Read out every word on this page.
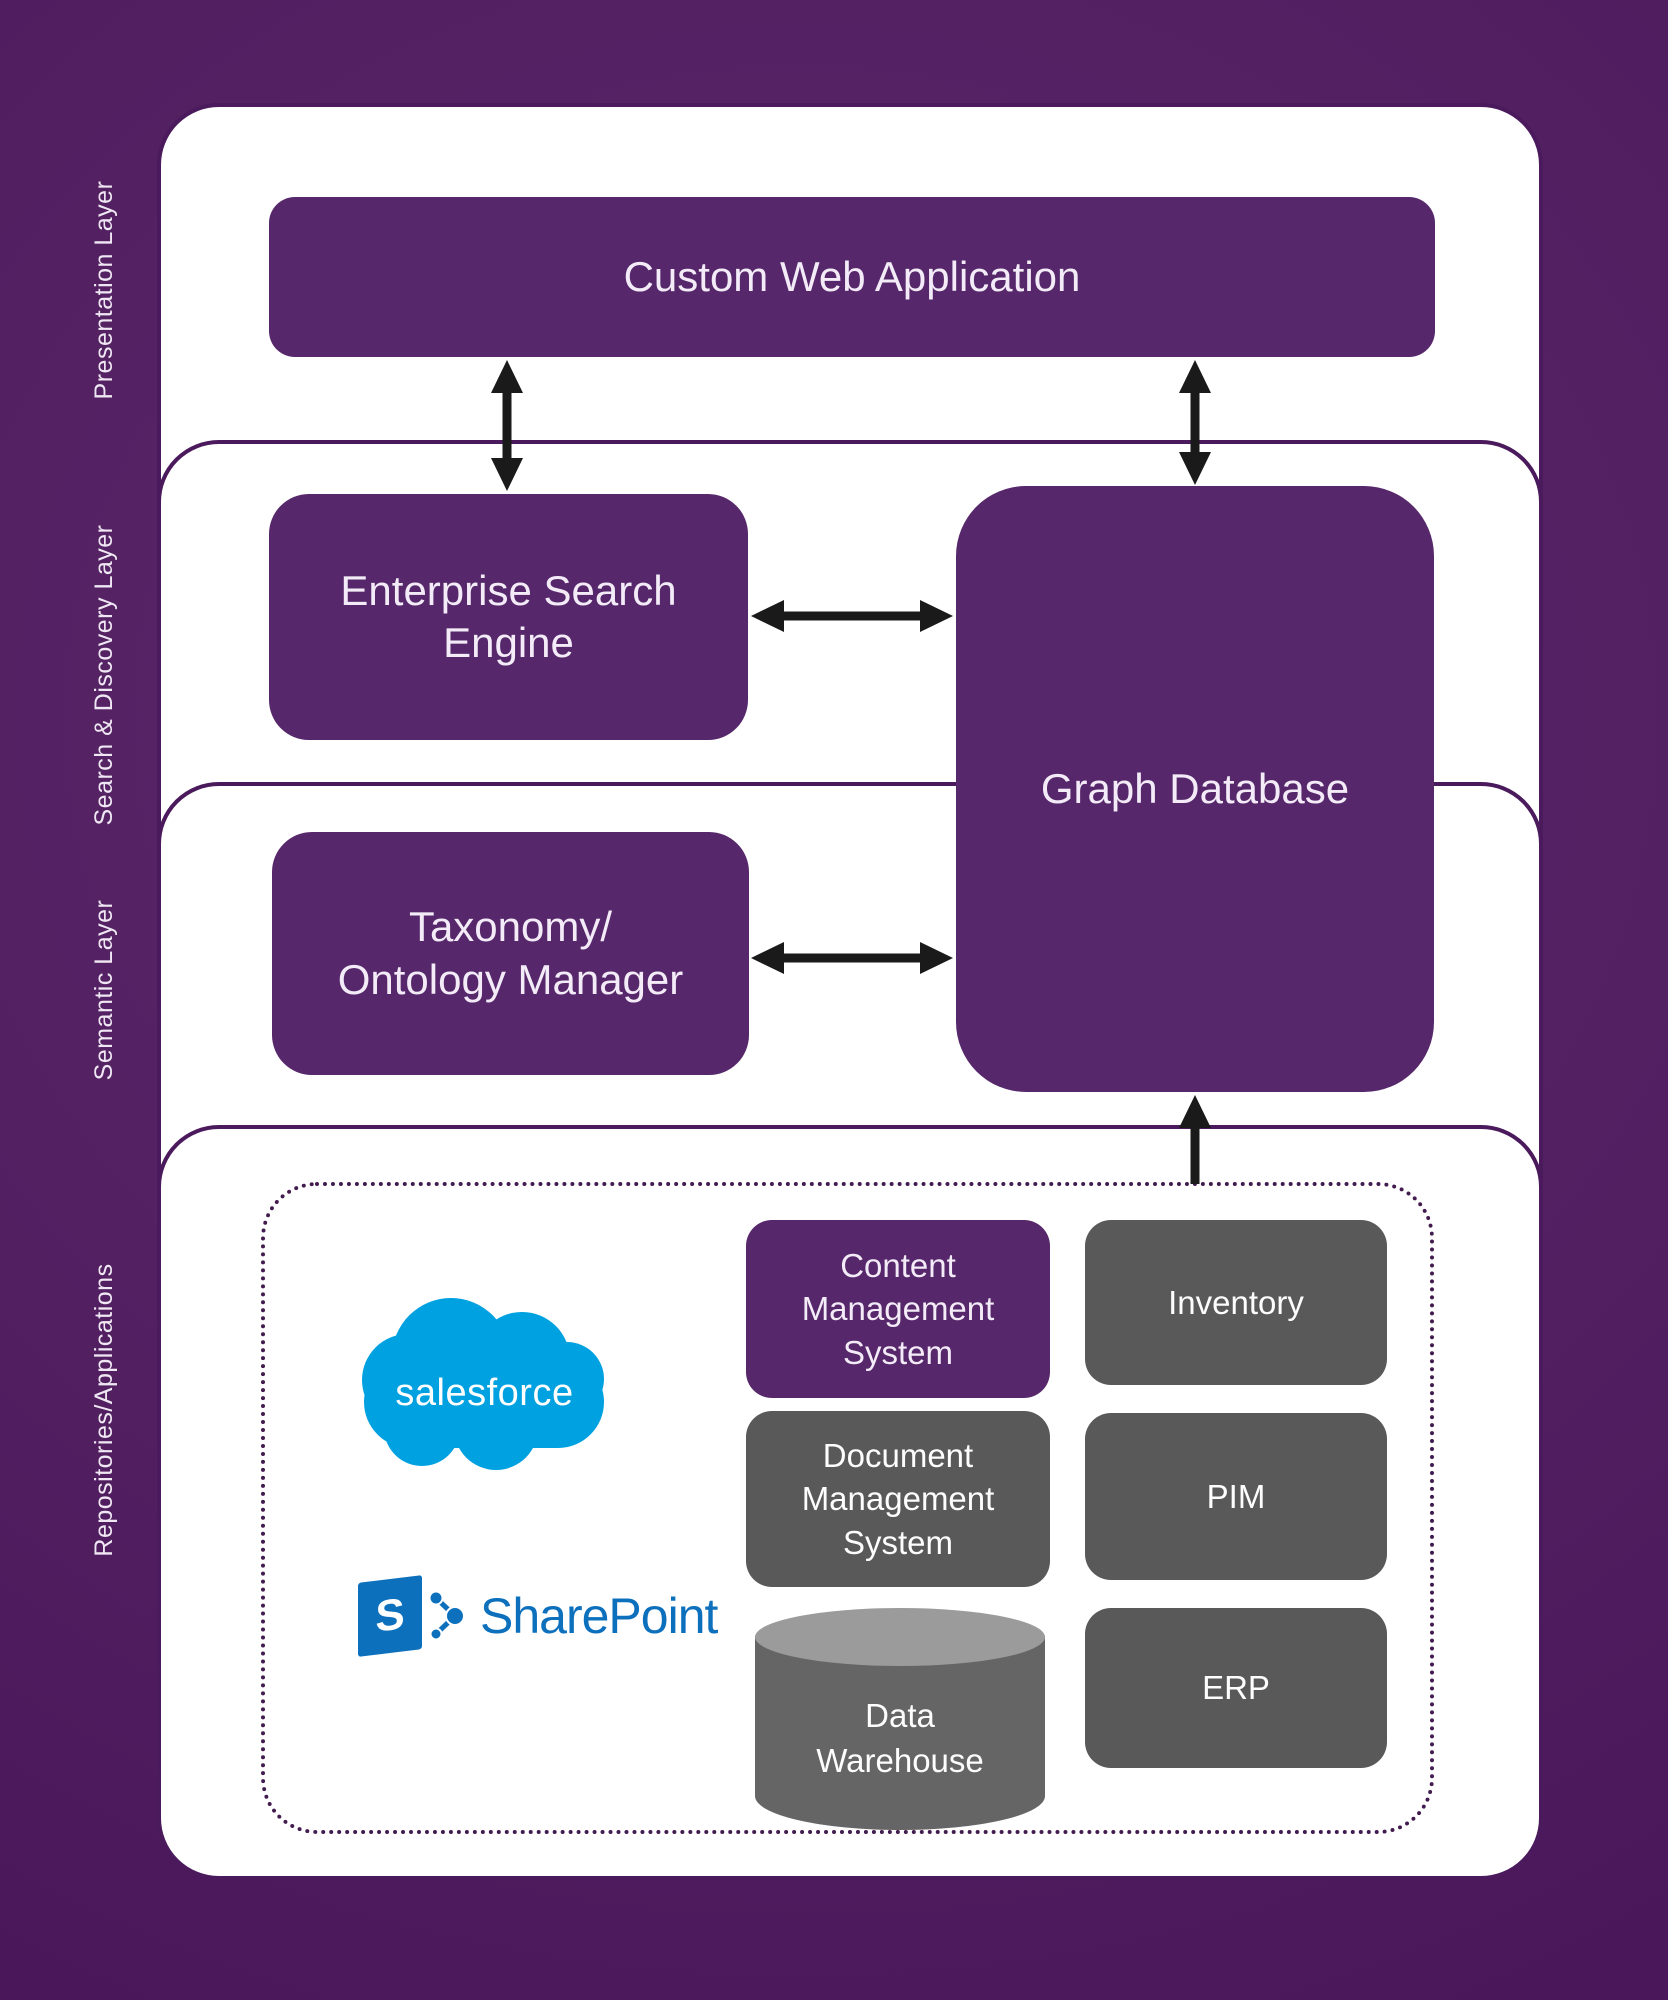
Presentation Layer
Search & Discovery Layer
Semantic Layer
Repositories/Applications
Custom Web Application
Enterprise Search Engine
Graph Database
Taxonomy/
Ontology Manager
salesforce
S SharePoint
Content Management System
Document Management System
Inventory
PIM
ERP
Data Warehouse
